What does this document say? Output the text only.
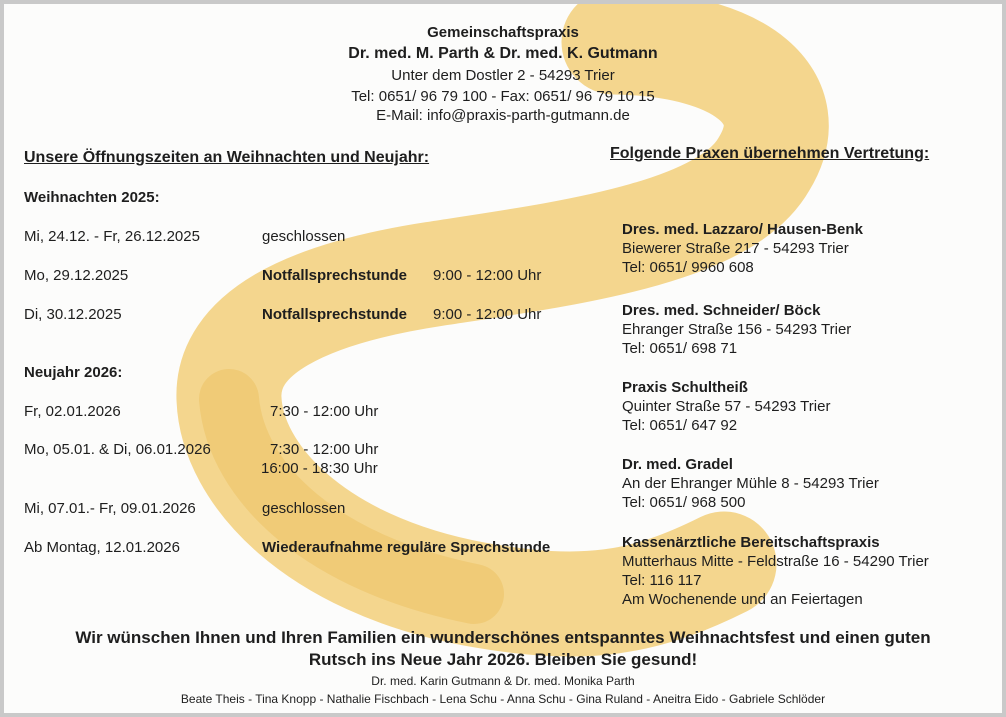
Gemeinschaftspraxis
Dr. med. M. Parth & Dr. med. K. Gutmann
Unter dem Dostler 2 - 54293 Trier
Tel: 0651/ 96 79 100 - Fax: 0651/ 96 79 10 15
E-Mail: info@praxis-parth-gutmann.de
Unsere Öffnungszeiten an Weihnachten und Neujahr:
Weihnachten 2025:
Mi, 24.12. - Fr, 26.12.2025	geschlossen
Mo, 29.12.2025	Notfallsprechstunde 9:00 - 12:00 Uhr
Di, 30.12.2025	Notfallsprechstunde 9:00 - 12:00 Uhr
Neujahr 2026:
Fr, 02.01.2026	7:30 - 12:00 Uhr
Mo, 05.01. & Di, 06.01.2026	7:30 - 12:00 Uhr
16:00 - 18:30 Uhr
Mi, 07.01.- Fr, 09.01.2026	geschlossen
Ab Montag, 12.01.2026	Wiederaufnahme reguläre Sprechstunde
Folgende Praxen übernehmen Vertretung:
Dres. med. Lazzaro/ Hausen-Benk
Biewerer Straße 217 - 54293 Trier
Tel: 0651/ 9960 608
Dres. med. Schneider/ Böck
Ehranger Straße 156 - 54293 Trier
Tel: 0651/ 698 71
Praxis Schultheiß
Quinter Straße 57 - 54293 Trier
Tel: 0651/ 647 92
Dr. med. Gradel
An der Ehranger Mühle 8 - 54293 Trier
Tel: 0651/ 968 500
Kassenärztliche Bereitschaftspraxis
Mutterhaus Mitte - Feldstraße 16 - 54290 Trier
Tel: 116 117
Am Wochenende und an Feiertagen
Wir wünschen Ihnen und Ihren Familien ein wunderschönes entspanntes Weihnachtsfest und einen guten
Rutsch ins Neue Jahr 2026. Bleiben Sie gesund!
Dr. med. Karin Gutmann & Dr. med. Monika Parth
Beate Theis - Tina Knopp - Nathalie Fischbach - Lena Schu - Anna Schu - Gina Ruland - Aneitra Eido - Gabriele Schlöder
